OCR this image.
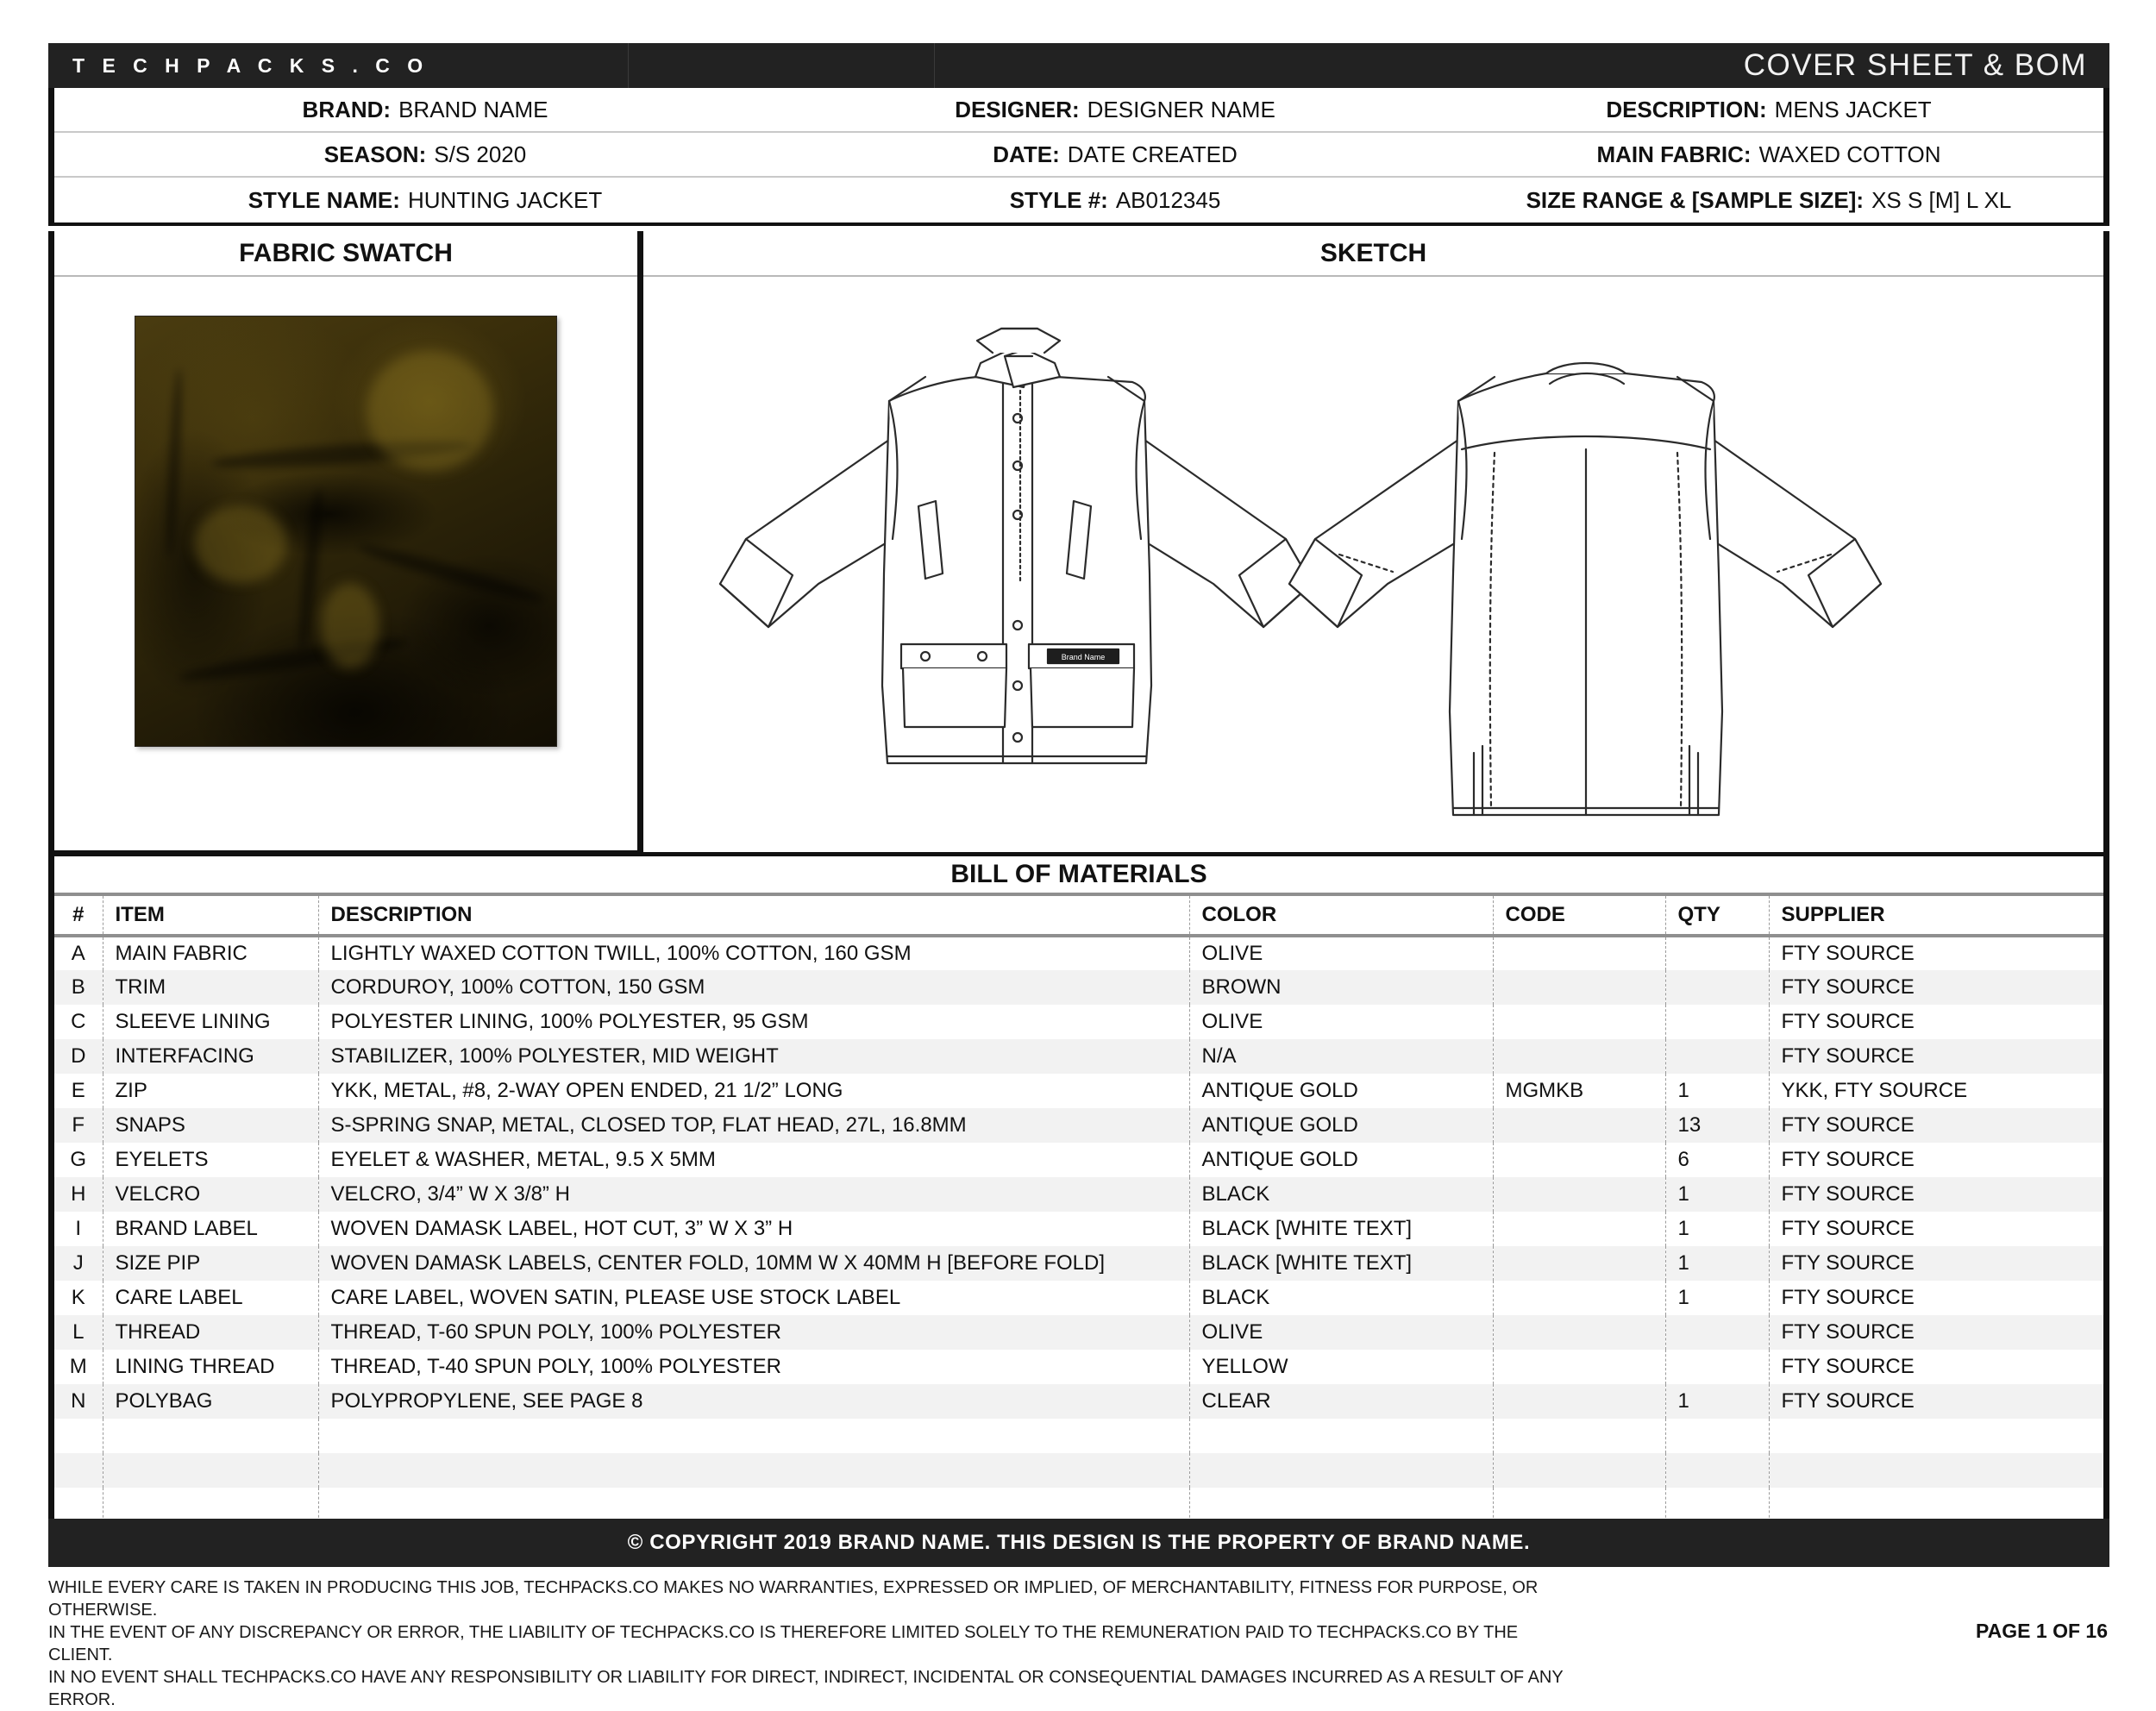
T E C H P A C K S . C O	COVER SHEET & BOM
BRAND: BRAND NAME	DESIGNER: DESIGNER NAME	DESCRIPTION: MENS JACKET
SEASON: S/S 2020	DATE: DATE CREATED	MAIN FABRIC: WAXED COTTON
STYLE NAME: HUNTING JACKET	STYLE #: AB012345	SIZE RANGE & [SAMPLE SIZE]: XS S [M] L XL
FABRIC SWATCH	SKETCH
Brand Name
BILL OF MATERIALS
#	ITEM	DESCRIPTION	COLOR	CODE	QTY	SUPPLIER
A	MAIN FABRIC	LIGHTLY WAXED COTTON TWILL, 100% COTTON, 160 GSM	OLIVE			FTY SOURCE
B	TRIM	CORDUROY, 100% COTTON, 150 GSM	BROWN			FTY SOURCE
C	SLEEVE LINING	POLYESTER LINING, 100% POLYESTER, 95 GSM	OLIVE			FTY SOURCE
D	INTERFACING	STABILIZER, 100% POLYESTER, MID WEIGHT	N/A			FTY SOURCE
E	ZIP	YKK, METAL, #8, 2-WAY OPEN ENDED, 21 1/2” LONG	ANTIQUE GOLD	MGMKB	1	YKK, FTY SOURCE
F	SNAPS	S-SPRING SNAP, METAL, CLOSED TOP, FLAT HEAD, 27L, 16.8MM	ANTIQUE GOLD		13	FTY SOURCE
G	EYELETS	EYELET & WASHER, METAL, 9.5 X 5MM	ANTIQUE GOLD		6	FTY SOURCE
H	VELCRO	VELCRO, 3/4” W X 3/8” H	BLACK		1	FTY SOURCE
I	BRAND LABEL	WOVEN DAMASK LABEL, HOT CUT, 3” W X 3” H	BLACK [WHITE TEXT]		1	FTY SOURCE
J	SIZE PIP	WOVEN DAMASK LABELS, CENTER FOLD, 10MM W X 40MM H [BEFORE FOLD]	BLACK [WHITE TEXT]		1	FTY SOURCE
K	CARE LABEL	CARE LABEL, WOVEN SATIN, PLEASE USE STOCK LABEL	BLACK		1	FTY SOURCE
L	THREAD	THREAD, T-60 SPUN POLY, 100% POLYESTER	OLIVE			FTY SOURCE
M	LINING THREAD	THREAD, T-40 SPUN POLY, 100% POLYESTER	YELLOW			FTY SOURCE
N	POLYBAG	POLYPROPYLENE, SEE PAGE 8	CLEAR		1	FTY SOURCE

© COPYRIGHT 2019 BRAND NAME. THIS DESIGN IS THE PROPERTY OF BRAND NAME.
WHILE EVERY CARE IS TAKEN IN PRODUCING THIS JOB, TECHPACKS.CO MAKES NO WARRANTIES, EXPRESSED OR IMPLIED, OF MERCHANTABILITY, FITNESS FOR PURPOSE, OR OTHERWISE.
IN THE EVENT OF ANY DISCREPANCY OR ERROR, THE LIABILITY OF TECHPACKS.CO IS THEREFORE LIMITED SOLELY TO THE REMUNERATION PAID TO TECHPACKS.CO BY THE CLIENT.
IN NO EVENT SHALL TECHPACKS.CO HAVE ANY RESPONSIBILITY OR LIABILITY FOR DIRECT, INDIRECT, INCIDENTAL OR CONSEQUENTIAL DAMAGES INCURRED AS A RESULT OF ANY ERROR.
PAGE 1 OF 16
